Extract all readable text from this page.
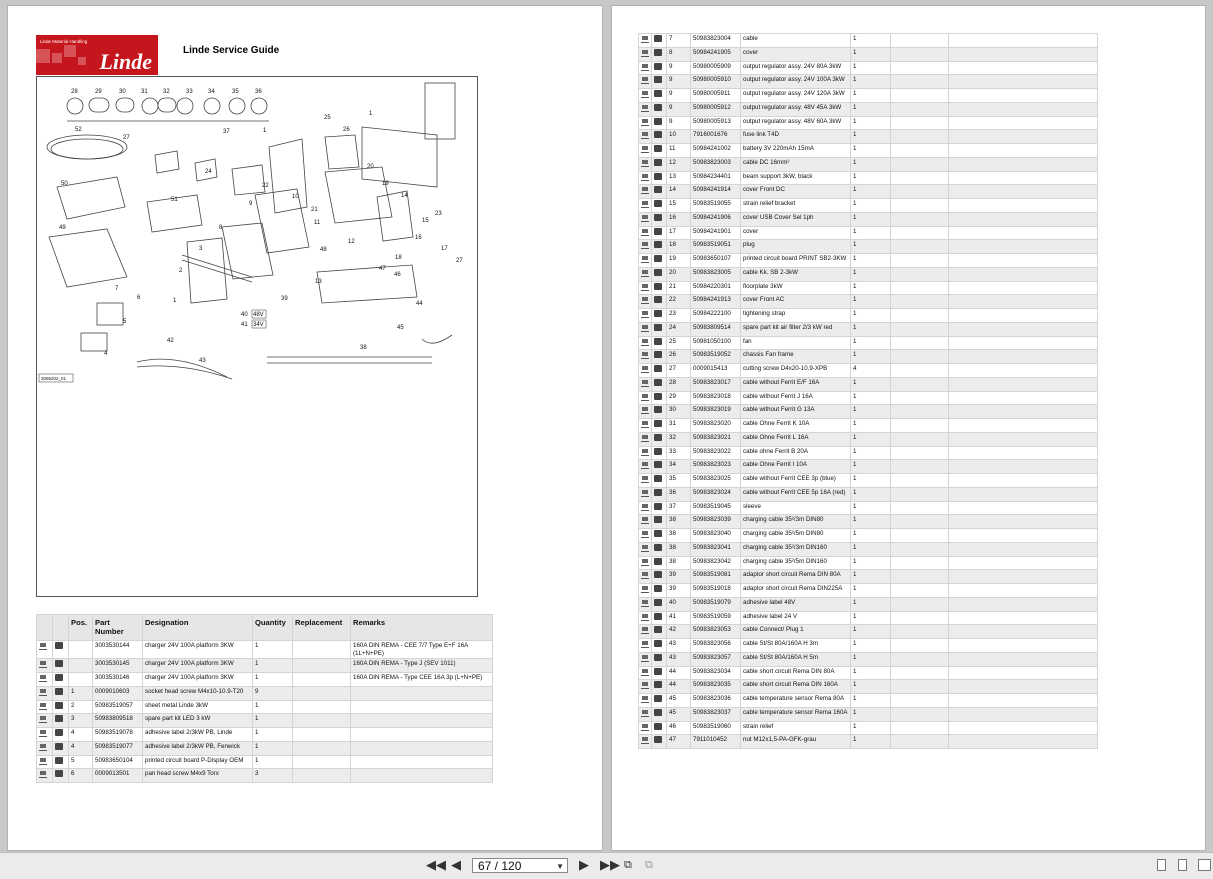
Linde Material Handling
Linde	Linde Service Guide
28	29	30	31	32	33	34	35	36
52
27
37	1
25
26
1
50
51
24
22
10
9
21
20
19
14
23
15
11
16
12
17
18	27
49
3
8
48
2	47
46
7
6	1
5
13
39
44
40
41	45
4
42
43
38
48V
34V
3096202_01
		Pos.	Part Number	Designation	Quantity	Replacement	Remarks
			3003530144	charger 24V 100A platform 3KW	1		160A DIN REMA - CEE 7/7 Type E+F 16A (1L+N+PE)
			3003530145	charger 24V 100A platform 3KW	1		160A DIN REMA - Type J (SEV 1011)
			3003530146	charger 24V 100A platform 3KW	1		160A DIN REMA - Type CEE 16A 3p (L+N+PE)
		1	0009010603	socket head screw M4x10-10.9-T20	9		
		2	50983519057	sheet metal Linde 3kW	1		
		3	50983809518	spare part kit LED 3 kW	1		
		4	50983519078	adhesive label 2/3kW PB, Linde	1		
		4	50983519077	adhesive label 2/3kW PB, Fenwick	1		
		5	50983650104	printed circuit board P-Display OEM	1		
		6	0009013501	pan head screw M4x9 Torx	3		
		7	50983823004	cable	1		
		8	50984241905	cover	1		
		9	50980005909	output regulator assy. 24V 80A 3kW	1		
		9	50980005910	output regulator assy. 24V 100A 3kW	1		
		9	50980005911	output regulator assy. 24V 120A 3kW	1		
		9	50980005912	output regulator assy. 48V 45A 3kW	1		
		9	50980005913	output regulator assy. 48V 60A 3kW	1		
		10	7916001676	fuse link T4D	1		
		11	50984241002	battery 3V 220mAh 15mA	1		
		12	50983823003	cable DC 16mm²	1		
		13	50984234401	beam support 3kW, black	1		
		14	50984241914	cover Front DC	1		
		15	50983519055	strain relief bracket	1		
		16	50984241906	cover USB Cover Sel 1ph	1		
		17	50984241901	cover	1		
		18	50983519051	plug	1		
		19	50983650107	printed circuit board PRINT SB2-3KW	1		
		20	50983823005	cable Kk. SB 2-3kW	1		
		21	50984220301	floorplate 3kW	1		
		22	50984241913	cover Front AC	1		
		23	50984222100	tightening strap	1		
		24	50983809514	spare part kit air filter 2/3 kW red	1		
		25	50981050100	fan	1		
		26	50983519052	chassis Fan frame	1		
		27	0009015413	cutting screw D4x20-10.9-XPB	4		
		28	50983823017	cable without Ferrit E/F 16A	1		
		29	50983823018	cable without Ferrit J 16A	1		
		30	50983823019	cable without Ferrit G 13A	1		
		31	50983823020	cable Ohne Ferrit K 10A	1		
		32	50983823021	cable Ohne Ferrit L 16A	1		
		33	50983823022	cable ohne Ferrit B 20A	1		
		34	50983823023	cable Ohne Ferrit I 10A	1		
		35	50983823025	cable without Ferrit CEE 3p (blue)	1		
		36	50983823024	cable without Ferrit CEE 5p 16A (red)	1		
		37	50983519045	sleeve	1		
		38	50983823039	charging cable 35²/3m DIN80	1		
		38	50983823040	charging cable 35²/5m DIN80	1		
		38	50983823041	charging cable 35²/3m DIN160	1		
		38	50983823042	charging cable 35²/5m DIN160	1		
		39	50983519081	adaptor short circuit Rema DIN 80A	1		
		39	50983519018	adaptor short circuit Rema DIN225A	1		
		40	50983519079	adhesive label 48V	1		
		41	50983519059	adhesive label 24 V	1		
		42	50983823053	cable Connect/ Plug 1	1		
		43	50983823056	cable St/St 80A/160A H 3m	1		
		43	50983823057	cable St/St 80A/160A H 5m	1		
		44	50983823034	cable short circuit Rema DIN 80A	1		
		44	50983823035	cable short circuit Rema DIN 160A	1		
		45	50983823036	cable temperature sensor Rema 80A	1		
		45	50983823037	cable temperature sensor Rema 160A	1		
		46	50983519060	strain relief	1		
		47	7911010452	nut M12x1,5-PA-GFK-grau	1		
◀◀ ◀	67 / 120	▼ ▶ ▶▶ ⧉ ⧉
